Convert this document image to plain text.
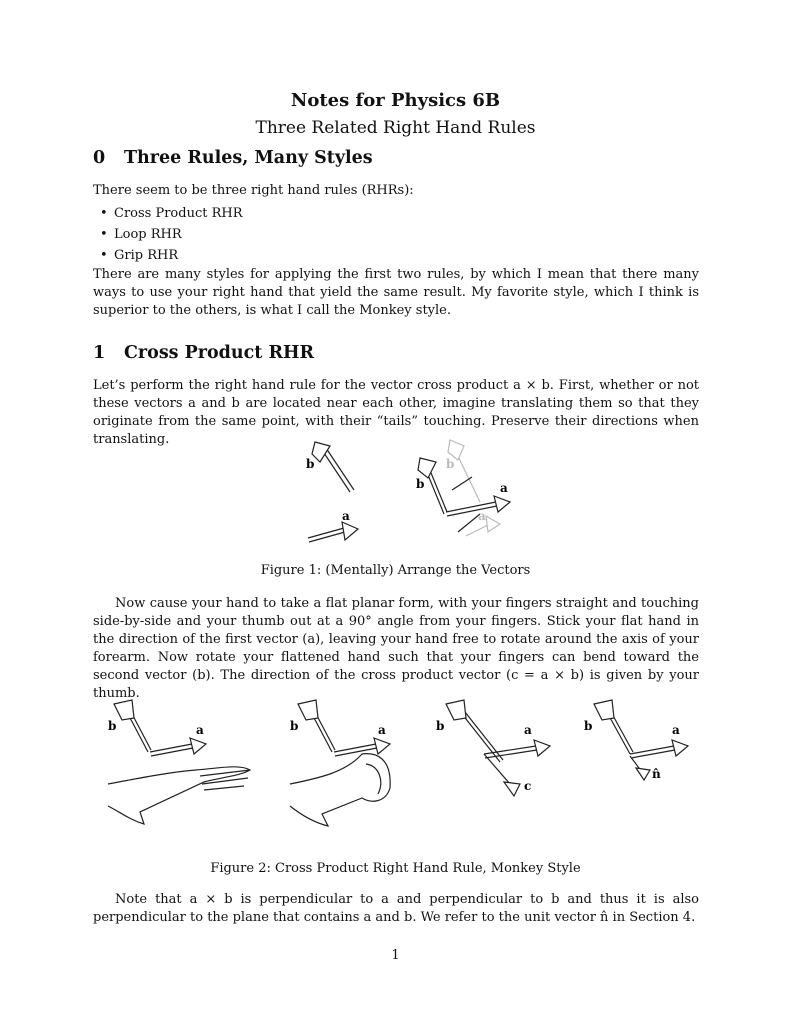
Notes for Physics 6B
Three Related Right Hand Rules
0 Three Rules, Many Styles
There seem to be three right hand rules (RHRs):
• Cross Product RHR
• Loop RHR
• Grip RHR
There are many styles for applying the first two rules, by which I mean that there many ways to use your right hand that yield the same result. My favorite style, which I think is superior to the others, is what I call the Monkey style.
1 Cross Product RHR
Let’s perform the right hand rule for the vector cross product a × b. First, whether or not these vectors a and b are located near each other, imagine translating them so that they originate from the same point, with their “tails” touching. Preserve their directions when translating.
b
a
b
a
b	a
Figure 1: (Mentally) Arrange the Vectors
Now cause your hand to take a flat planar form, with your fingers straight and touching side-by-side and your thumb out at a 90° angle from your fingers. Stick your flat hand in the direction of the first vector (a), leaving your hand free to rotate around the axis of your forearm. Now rotate your flattened hand such that your fingers can bend toward the second vector (b). The direction of the cross product vector (c = a × b) is given by your thumb.
b	a	b	a	b	a
c
b	a
n̂
Figure 2: Cross Product Right Hand Rule, Monkey Style
Note that a × b is perpendicular to a and perpendicular to b and thus it is also perpendicular to the plane that contains a and b. We refer to the unit vector n̂ in Section 4.
1
